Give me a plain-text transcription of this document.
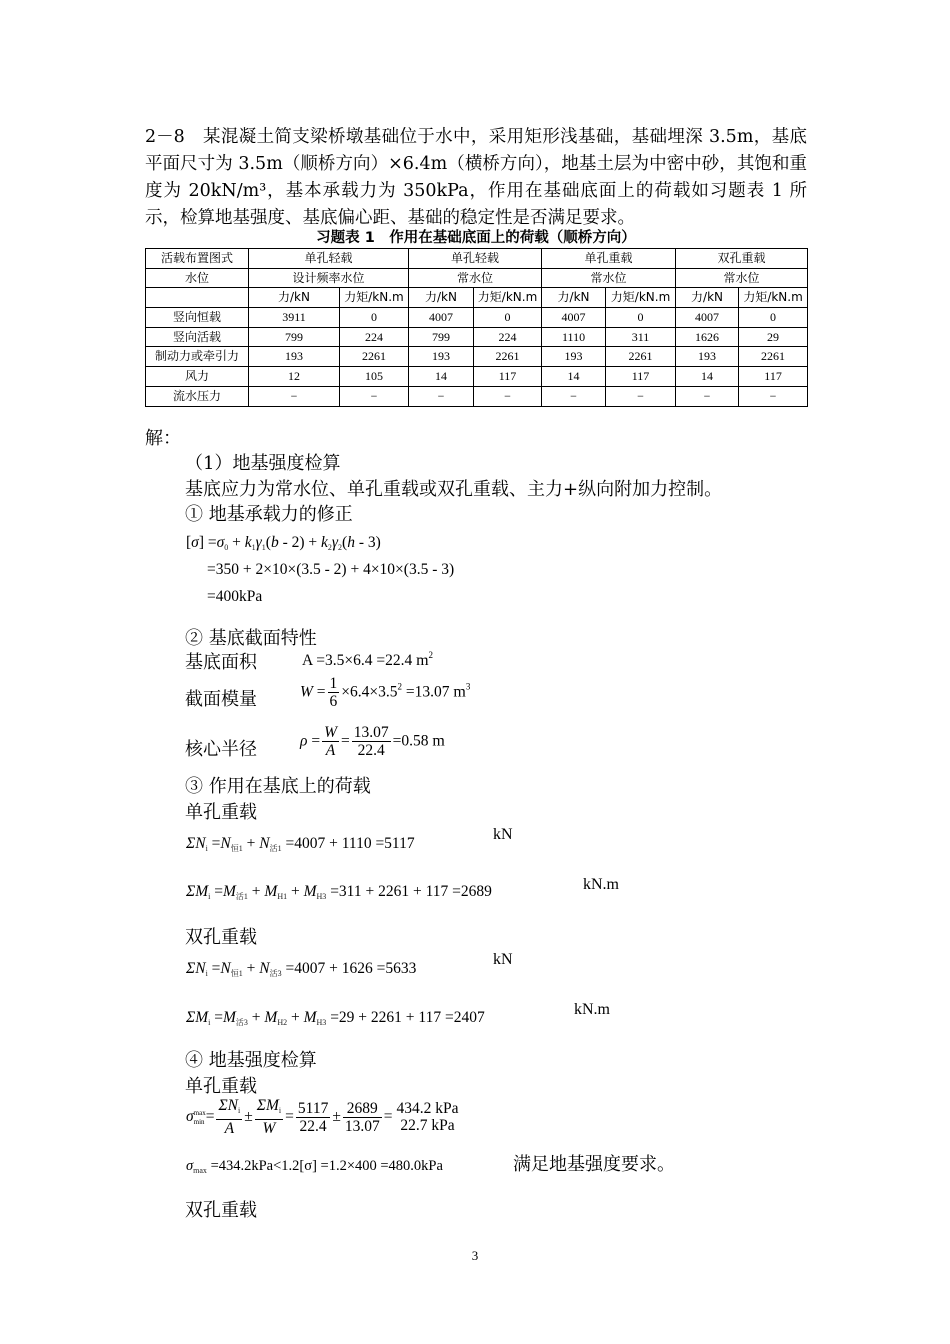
2－8　某混凝土简支梁桥墩基础位于水中，采用矩形浅基础，基础埋深 3.5m，基底平面尺寸为 3.5m（顺桥方向）×6.4m（横桥方向），地基土层为中密中砂，其饱和重度为 20kN/m³，基本承载力为 350kPa，作用在基础底面上的荷载如习题表 1 所示，检算地基强度、基底偏心距、基础的稳定性是否满足要求。
习题表 1　作用在基础底面上的荷载（顺桥方向）
活载布置图式	单孔轻载		单孔轻载		单孔重载		双孔重载	
水位	设计频率水位		常水位		常水位		常水位	
	力/kN	力矩/kN.m	力/kN	力矩/kN.m	力/kN	力矩/kN.m	力/kN	力矩/kN.m
竖向恒载	3911	0	4007	0	4007	0	4007	0
竖向活载	799	224	799	224	1110	311	1626	29
制动力或牵引力	193	2261	193	2261	193	2261	193	2261
风力	12	105	14	117	14	117	14	117
流水压力	−	−	−	−	−	−	−	−
解：
（1）地基强度检算
基底应力为常水位、单孔重载或双孔重载、主力+纵向附加力控制。
① 地基承载力的修正
$[\sigma] =\sigma_0 + k_1\gamma_1(b - 2) + k_2\gamma_2(h - 3)$
=350 + 2×10×(3.5 - 2) + 4×10×(3.5 - 3)
=400kPa
② 基底截面特性
基底面积	A =3.5×6.4 =22.4 $m^2$
截面模量	$W = \frac{1}{6} \times 6.4\times 3.5^2 =13.07$ $m^3$
核心半径	$\rho = \frac{W}{A} = \frac{13.07}{22.4} =0.58$ m
③ 作用在基底上的荷载
单孔重载
$\Sigma N_i =N_{恒1} + N_{活1} =4007 + 1110 =5117$
kN
$\Sigma M_i =M_{活1} + M_{H1} + M_{H3} =311 + 2261 + 117 =2689$	kN.m
双孔重载
$\Sigma N_i =N_{恒1} + N_{活3} =4007 + 1626 =5633$
kN
$\Sigma M_i =M_{活3} + M_{H2} + M_{H3} =29 + 2261 + 117 =2407$	kN.m
④ 地基强度检算
单孔重载
σ max
$\min = \frac{\Sigma N_i}{A} \pm \frac{\Sigma M_i}{W} = \frac{5117}{22.4} \pm \frac{2689}{13.07} = 434.2$ kPa
22.7 kPa
$\sigma_{max} =434.2kPa<1.2[\sigma] =1.2\times 400 =480.0kPa$	满足地基强度要求。
双孔重载
3
